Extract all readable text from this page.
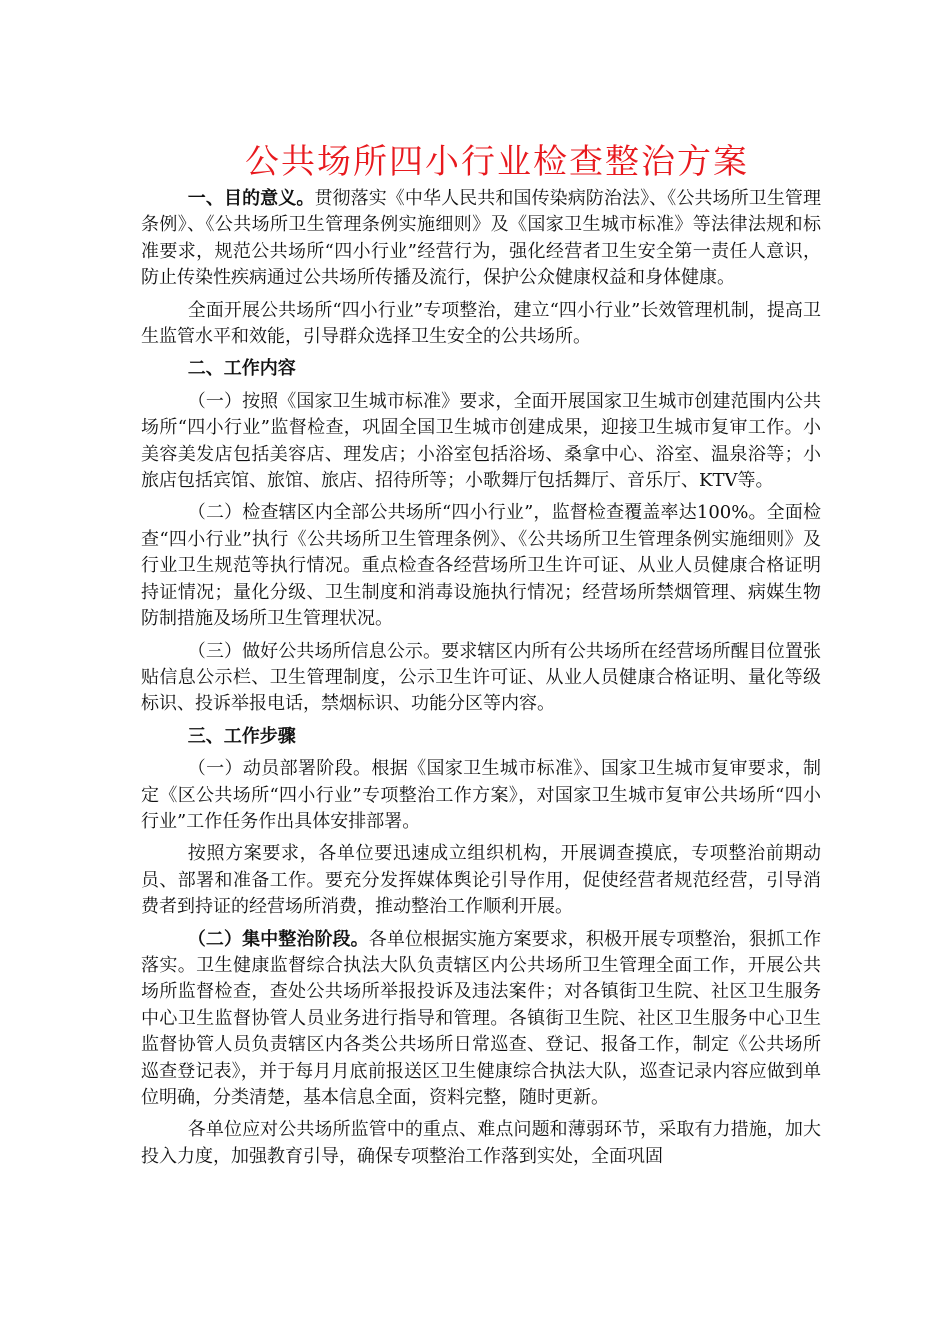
公共场所四小行业检查整治方案

一、目的意义。贯彻落实《中华人民共和国传染病防治法》、《公共场所卫生管理条例》、《公共场所卫生管理条例实施细则》及《国家卫生城市标准》等法律法规和标准要求，规范公共场所“四小行业”经营行为，强化经营者卫生安全第一责任人意识，防止传染性疾病通过公共场所传播及流行，保护公众健康权益和身体健康。

全面开展公共场所“四小行业”专项整治，建立“四小行业”长效管理机制，提高卫生监管水平和效能，引导群众选择卫生安全的公共场所。

二、工作内容

（一）按照《国家卫生城市标准》要求，全面开展国家卫生城市创建范围内公共场所“四小行业”监督检查，巩固全国卫生城市创建成果，迎接卫生城市复审工作。小美容美发店包括美容店、理发店；小浴室包括浴场、桑拿中心、浴室、温泉浴等；小旅店包括宾馆、旅馆、旅店、招待所等；小歌舞厅包括舞厅、音乐厅、KTV等。

（二）检查辖区内全部公共场所“四小行业”，监督检查覆盖率达100%。全面检查“四小行业”执行《公共场所卫生管理条例》、《公共场所卫生管理条例实施细则》及行业卫生规范等执行情况。重点检查各经营场所卫生许可证、从业人员健康合格证明持证情况；量化分级、卫生制度和消毒设施执行情况；经营场所禁烟管理、病媒生物防制措施及场所卫生管理状况。

（三）做好公共场所信息公示。要求辖区内所有公共场所在经营场所醒目位置张贴信息公示栏、卫生管理制度，公示卫生许可证、从业人员健康合格证明、量化等级标识、投诉举报电话，禁烟标识、功能分区等内容。

三、工作步骤

（一）动员部署阶段。根据《国家卫生城市标准》、国家卫生城市复审要求，制定《区公共场所“四小行业”专项整治工作方案》，对国家卫生城市复审公共场所“四小行业”工作任务作出具体安排部署。

按照方案要求，各单位要迅速成立组织机构，开展调查摸底，专项整治前期动员、部署和准备工作。要充分发挥媒体舆论引导作用，促使经营者规范经营，引导消费者到持证的经营场所消费，推动整治工作顺利开展。

（二）集中整治阶段。各单位根据实施方案要求，积极开展专项整治，狠抓工作落实。卫生健康监督综合执法大队负责辖区内公共场所卫生管理全面工作，开展公共场所监督检查，查处公共场所举报投诉及违法案件；对各镇街卫生院、社区卫生服务中心卫生监督协管人员业务进行指导和管理。各镇街卫生院、社区卫生服务中心卫生监督协管人员负责辖区内各类公共场所日常巡查、登记、报备工作，制定《公共场所巡查登记表》，并于每月月底前报送区卫生健康综合执法大队，巡查记录内容应做到单位明确，分类清楚，基本信息全面，资料完整，随时更新。

各单位应对公共场所监管中的重点、难点问题和薄弱环节，采取有力措施，加大投入力度，加强教育引导，确保专项整治工作落到实处，全面巩固
